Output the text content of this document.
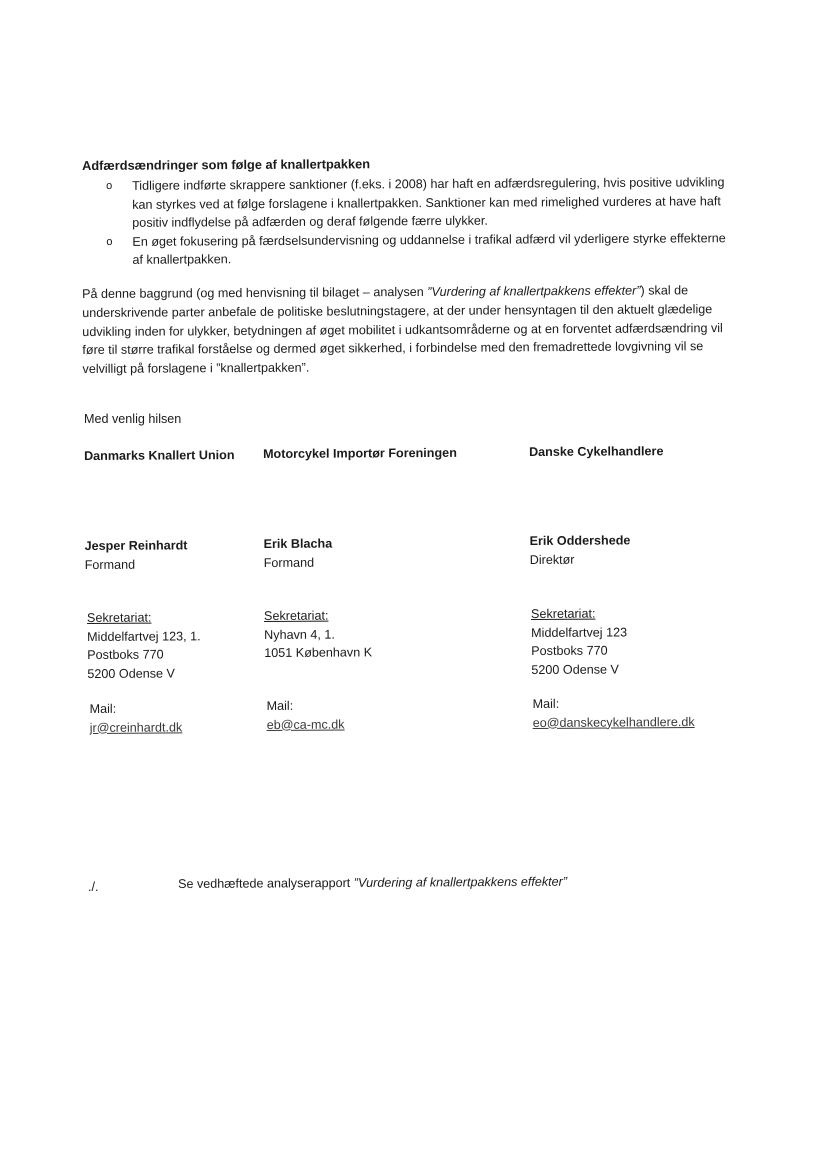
Adfærdsændringer som følge af knallertpakken
o Tidligere indførte skrappere sanktioner (f.eks. i 2008) har haft en adfærdsregulering, hvis positive udvikling kan styrkes ved at følge forslagene i knallertpakken. Sanktioner kan med rimelighed vurderes at have haft positiv indflydelse på adfærden og deraf følgende færre ulykker.
o En øget fokusering på færdselsundervisning og uddannelse i trafikal adfærd vil yderligere styrke effekterne af knallertpakken.
På denne baggrund (og med henvisning til bilaget – analysen ”Vurdering af knallertpakkens effekter”) skal de underskrivende parter anbefale de politiske beslutningstagere, at der under hensyntagen til den aktuelt glædelige udvikling inden for ulykker, betydningen af øget mobilitet i udkantsområderne og at en forventet adfærdsændring vil føre til større trafikal forståelse og dermed øget sikkerhed, i forbindelse med den fremadrettede lovgivning vil se velvilligt på forslagene i ”knallertpakken”.
Med venlig hilsen
Danmarks Knallert Union
Jesper Reinhardt
Formand
Sekretariat:
Middelfartvej 123, 1.
Postboks 770
5200 Odense V
Mail:
jr@creinhardt.dk
Motorcykel Importør Foreningen
Erik Blacha
Formand
Sekretariat:
Nyhavn 4, 1.
1051 København K
Mail:
eb@ca-mc.dk
Danske Cykelhandlere
Erik Oddershede
Direktør
Sekretariat:
Middelfartvej 123
Postboks 770
5200 Odense V
Mail:
eo@danskecykelhandlere.dk
./.	Se vedhæftede analyserapport ”Vurdering af knallertpakkens effekter”
